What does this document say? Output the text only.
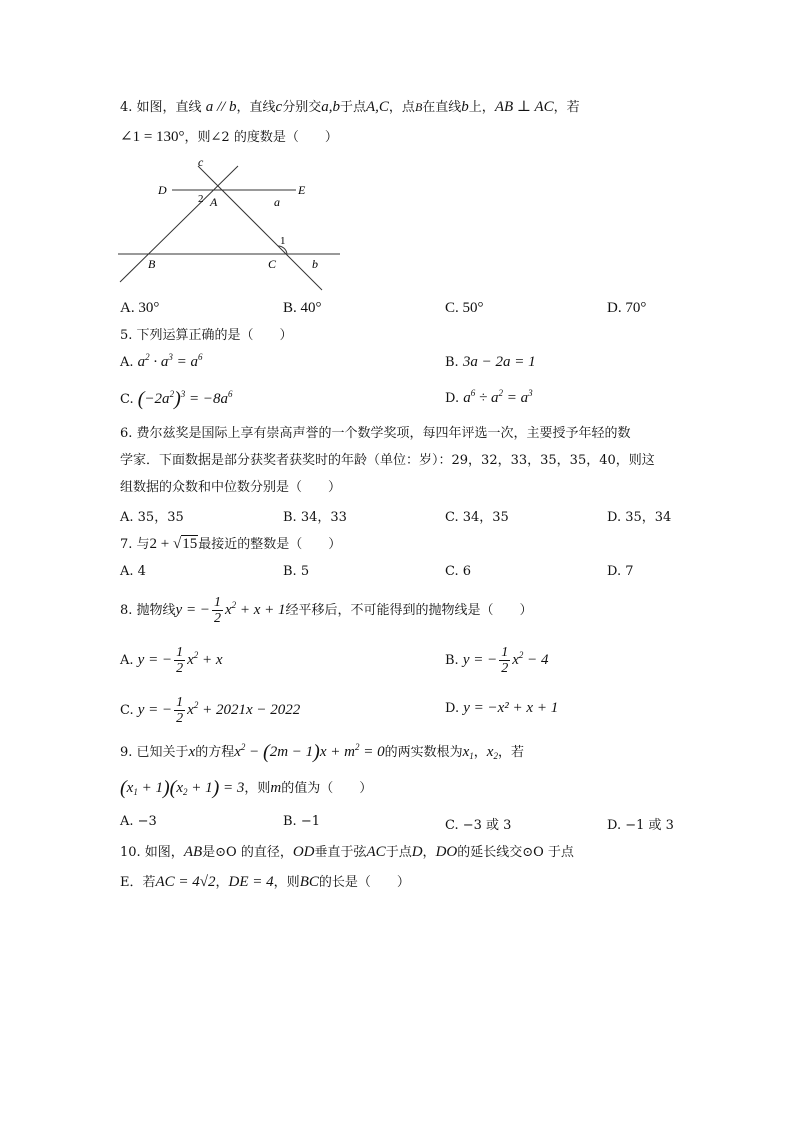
4. 如图，直线 a // b，直线c分别交a,b于点A,C，点B在直线b上，AB ⊥ AC，若
∠1 = 130°，则∠2 的度数是（　　）
c
D	E
2 A	a
1
B	C	b
A. 30°	B. 40°	C. 50°	D. 70°
5. 下列运算正确的是（　　）
A. $a^2 \cdot a^3 = a^6$	B. 3a − 2a = 1
C. $(-2a^2)^3 = -8a^6$	D. $a^6 \div a^2 = a^3$
6. 费尔兹奖是国际上享有崇高声誉的一个数学奖项，每四年评选一次，主要授予年轻的数
学家．下面数据是部分获奖者获奖时的年龄（单位：岁）：29，32，33，35，35，40，则这
组数据的众数和中位数分别是（　　）
A. 35，35	B. 34，33	C. 34，35	D. 35，34
7. 与2 + √15最接近的整数是（　　）
A. 4	B. 5	C. 6	D. 7
8. 抛物线y = − $\frac{1}{2} x^2 + x + 1$经平移后，不可能得到的抛物线是（　　）
A. y = − $\frac{1}{2} x^2 + x$	B. y = − $\frac{1}{2} x^2 - 4$
C. y = − $\frac{1}{2} x^2 + 2021x - 2022$	D. y = −x² + x + 1
9. 已知关于x的方程$x^2 - (2m - 1)x + m^2 = 0$的两实数根为$x_1$，$x_2$，若
$(x_1 + 1)(x_2 + 1) = 3$，则m的值为（　　）
A. −3	B. −1	C. −3 或 3	D. −1 或 3
10. 如图，AB是⊙O 的直径，OD垂直于弦AC于点D，DO的延长线交⊙O 于点
E．若AC = 4√2，DE = 4，则BC的长是（　　）
